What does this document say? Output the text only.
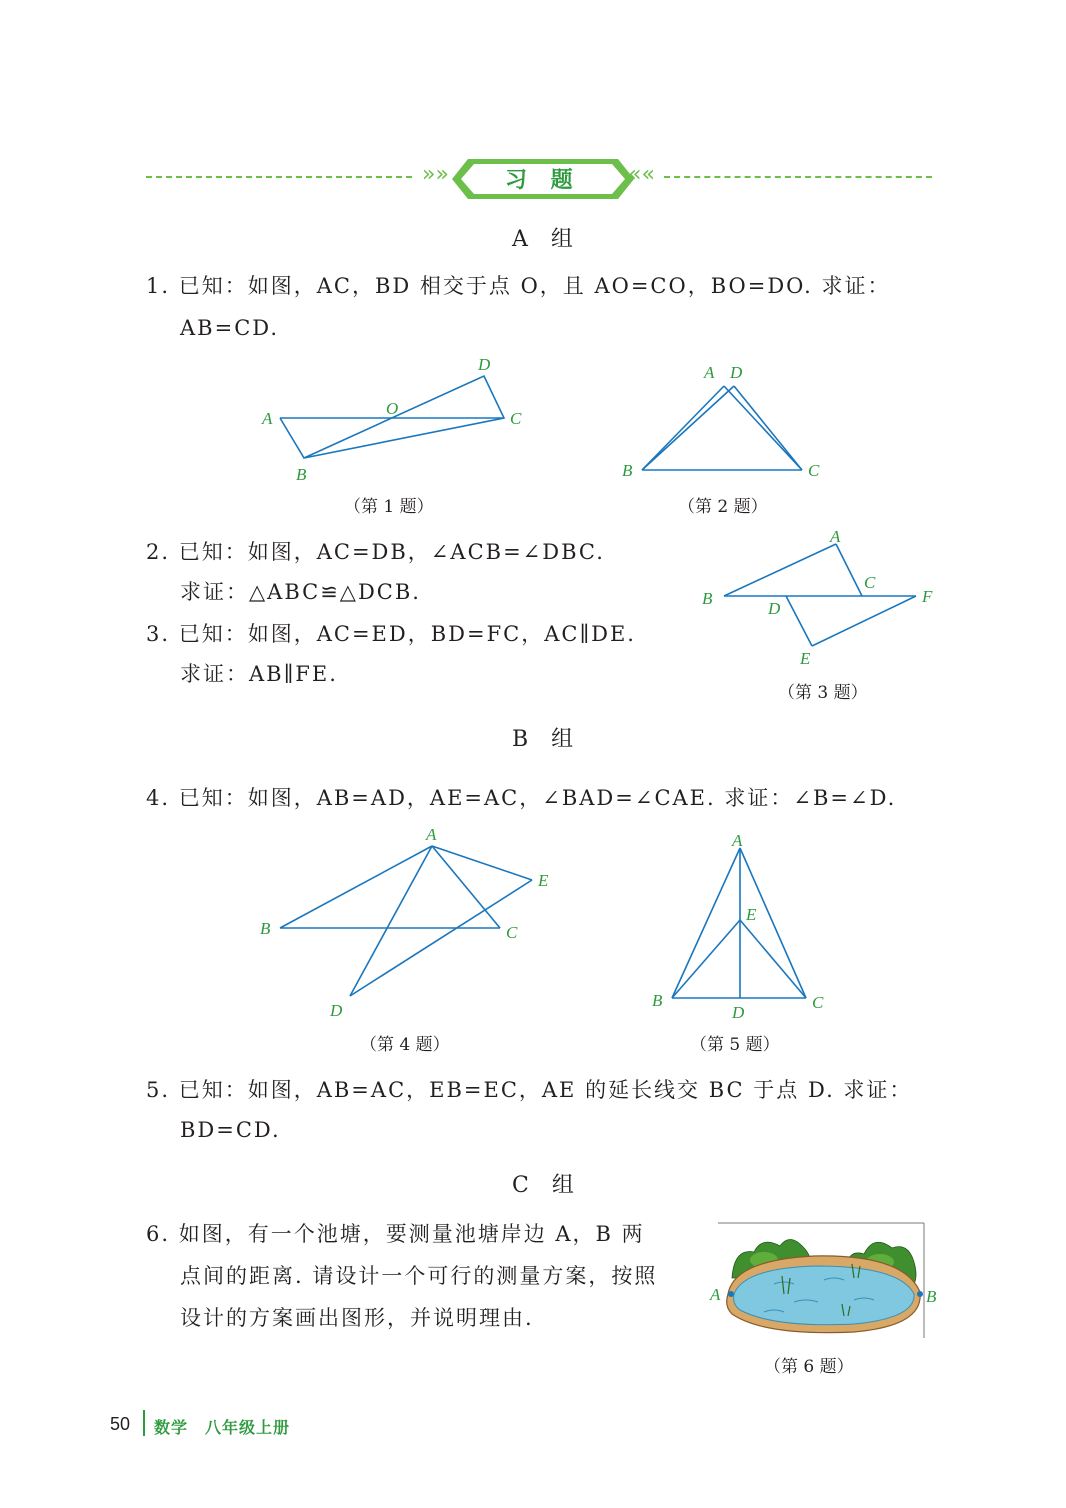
»»	习 题 ««
A 组
1. 已知：如图，AC，BD 相交于点 O，且 AO=CO，BO=DO. 求证：
AB=CD.
A
B
O
D
C
（第 1 题）
A D
B	C
（第 2 题）
2. 已知：如图，AC=DB，∠ACB=∠DBC.
求证：△ABC≌△DCB.
3. 已知：如图，AC=ED，BD=FC，AC∥DE.
求证：AB∥FE.
A
B
C
D
F
E
（第 3 题）
B 组
4. 已知：如图，AB=AD，AE=AC，∠BAD=∠CAE. 求证：∠B=∠D.
A
B	C
D
E
（第 4 题）
A
E
B
D
C
（第 5 题）
5. 已知：如图，AB=AC，EB=EC，AE 的延长线交 BC 于点 D. 求证：
BD=CD.
C 组
6. 如图，有一个池塘，要测量池塘岸边 A，B 两
点间的距离. 请设计一个可行的测量方案，按照
设计的方案画出图形，并说明理由.
A	B
（第 6 题）
50 数学　八年级上册
